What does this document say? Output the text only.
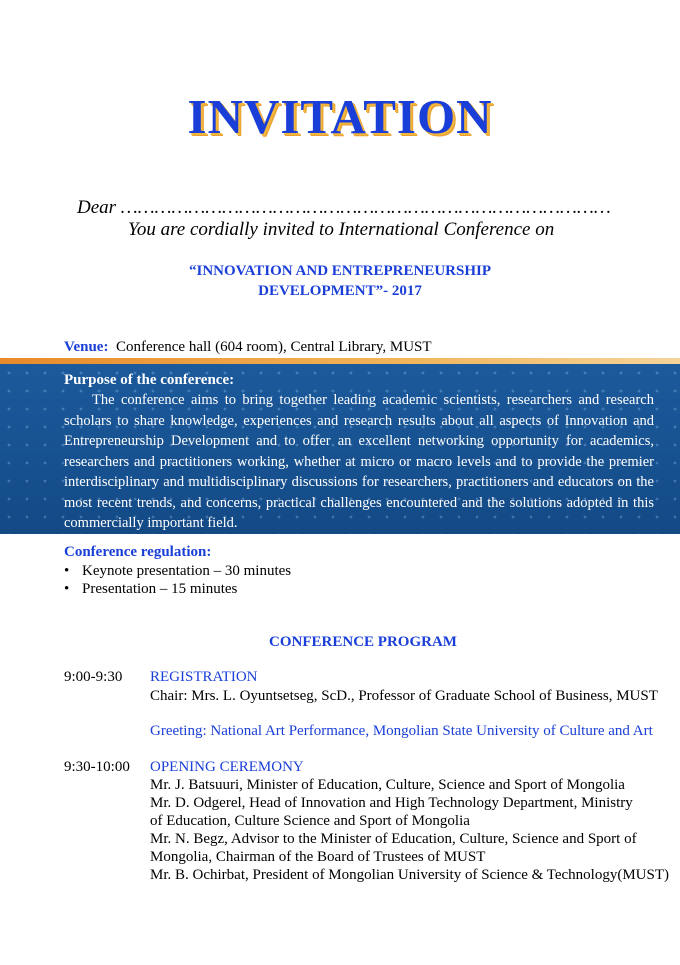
INVITATION
Dear ……………………………………………………………………………
You are cordially invited to International Conference on
“INNOVATION AND ENTREPRENEURSHIP
DEVELOPMENT”- 2017
Venue: Conference hall (604 room), Central Library, MUST
Purpose of the conference:
The conference aims to bring together leading academic scientists, researchers and research scholars to share knowledge, experiences and research results about all aspects of Innovation and Entrepreneurship Development and to offer an excellent networking opportunity for academics, researchers and practitioners working, whether at micro or macro levels and to provide the premier interdisciplinary and multidisciplinary discussions for researchers, practitioners and educators on the most recent trends, and concerns, practical challenges encountered and the solutions adopted in this commercially important field.
Conference regulation:
• Keynote presentation – 30 minutes
• Presentation – 15 minutes
CONFERENCE PROGRAM
9:00-9:30 REGISTRATION
Chair: Mrs. L. Oyuntsetseg, ScD., Professor of Graduate School of Business, MUST
Greeting: National Art Performance, Mongolian State University of Culture and Art
9:30-10:00 OPENING CEREMONY
Mr. J. Batsuuri, Minister of Education, Culture, Science and Sport of Mongolia
Mr. D. Odgerel, Head of Innovation and High Technology Department, Ministry
of Education, Culture Science and Sport of Mongolia
Mr. N. Begz, Advisor to the Minister of Education, Culture, Science and Sport of
Mongolia, Chairman of the Board of Trustees of MUST
Mr. B. Ochirbat, President of Mongolian University of Science & Technology(MUST)
